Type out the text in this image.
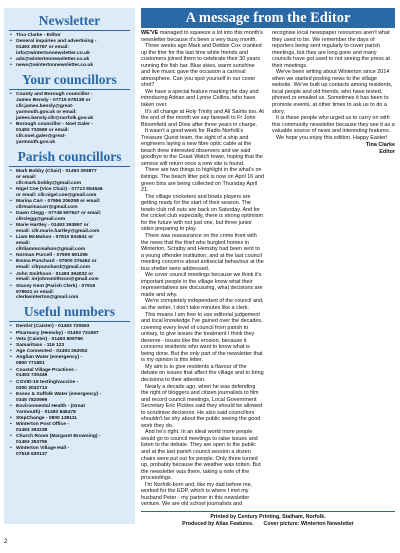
Newsletter
• Tina Clarke - Editor
• General inquiries and advertising -
01493 393767 or email:
info@wintertonnewsletter.co.uk
• ads@wintertonnewsletter.co.uk
• news@wintertonnewsletter.co.uk
Your councillors
• County and Borough councillor -
James Bensly - 07715 678138 or
cllr.james.bensly@great-
yarmouth.gov.uk or email:
james.bensly.cllr@norfolk.gov.uk
• Borough councillor - Noel Galer -
01493 732669 or email:
cllr.noel.galer@great-
yarmouth.gov.uk
Parish councillors
• Mark Bobby (Chair) - 01493 393877
or email:
cllr.mark.bobby@gmail.com
• Nigel Coe (Vice Chair) - 07713 654546
or email: cllr.nigel.coe@gmail.com
• Marina Carr - 07956 206258 or email:
cllrmarinacarr@gmail.com
• Dawn Clegg - 07748 597647 or email:
cllrclegg@gmail.com
• Marie Hartley - 01493 393897 or
email: cllr.marie.hartley@gmail.com
• Liam McMahon - 07810 834941 or
email:
cllrliammcmahon@gmail.com
• Norman Purcell - 07909 591295
• Emma Punchard - 07900 376462 or
email: cllrpunchard@gmail.com
• John Smithson - 01493 394032 or
email: mrjohnsmithson@gmail.com
• Stacey Kent (Parish Clerk) - 07918
978921 or email:
clerkwinterton@gmail.com
Useful numbers
• Dentist (Caister) - 01493 720663
• Pharmacy (Hemsby) - 01493 731697
• Vets (Caister) - 01493 809766
• Samaritans - 116 123
• Age Connected - 01493 262052
• Anglian Water (emergency) -
0800 771881
• Coastal Village Practices -
01493 730449
• COVID-19 testing/vaccine -
0300 3032713
• Essex & Suffolk Water (emergency) -
0345 7820999
• Environmental Health - (Great
Yarmouth) - 01493 846478
• StepChange - 0800 138111
• Winterton Post Office -
01493 393238
• Church Room (Margaret Browning) -
01493 393755
• Winterton Village Hall -
07518 630137
A message from the Editor

WE'VE managed to squeeze a lot into this month's newsletter because it's been a very busy month.

Three weeks ago Mark and Debbie Cox cranked up the frier for the last time while friends and customers joined them to celebrate their 30 years running the fish bar. Blue skies, warm sunshine and live music gave the occasion a carnival atmosphere. Can you spot yourself in our cover shot?

We have a special feature marking the day and introducing Adrian and Lynne Collins, who have taken over.

It's all change at Holy Trinity and All Saints too. At the end of the month we say farewell to Fr John Bloomfield and Dixie after three years in charge.

It wasn't a good week for Radio Norfolk's Treasure Quest team, the sight of a ship and engineers laying a new fibre optic cable at the beach drew interested observers and we said goodbye to the Coast Watch tower, hoping that the service will return once a new site is found.

There are two things to highlight in the what's on listings. The beach litter pick is now on April 16 and green bins are being collected on Thursday April 21.

The village cricketers and bowls players are getting ready for the start of their season. The bowls club roll outs are back on Saturday. And for the cricket club especially, there is strong optimism for the future with not just one, but three junior sides preparing to play.

There was reassurance on the crime front with the news that the thief who burgled homes in Winterton, Scratby and Hemsby had been sent to a young offender institution, and at the last council meeting concerns about antisocial behaviour at the bus shelter were addressed.

We cover council meetings because we think it's important people in the village know what their representatives are discussing, what decisions are made and why.

We're completely independent of the council and, as the writer, I don't take minutes like a clerk.

This means I am free to use editorial judgement and local knowledge I've gained over the decades, covering every level of council from parish to unitary, to give issues the treatment I think they deserve - issues like the erosion, because it concerns residents who want to know what is being done. But the only part of the newsletter that is my opinion is this letter.

My aim is to give residents a flavour of the debate on issues that affect the village and to bring decisions to their attention.

Nearly a decade ago, when he was defending the right of bloggers and citizen journalists to film and record council meetings, Local Government Secretary Eric Pickles said they should be allowed to scrutinise decisions. He also said councillors shouldn't be shy about the public seeing the good work they do.

And he's right. In an ideal world more people would go to council meetings to raise issues and listen to the debate. They are open to the public and at the last parish council session a dozen chairs were put out for people. Only three turned up, probably because the weather was rotten. But the newsletter was there, taking a note of the proceedings.

I'm Norfolk-born and, like my dad before me, worked for the EDP, which is where I met my husband Peter - my partner in this newsletter venture. We are old school journalists and recognise local newspaper resources aren't what they used to be. We remember the days of reporters being sent regularly to cover parish meetings, but they are long gone and many councils have got used to not seeing the press at their meetings.

We've been writing about Winterton since 2014 when we started posting news to the village website. We've built up contacts among residents, local people and old friends, who have texted, phoned or emailed us. Sometimes it has been to promote events, at other times to ask us to do a story.

It is these people who urged us to carry on with this community newsletter because they see it as a valuable source of news and interesting features.

We hope you enjoy this edition. Happy Easter!

Tina Clarke
Editor
Printed by Century Printing, Stalham, Norfolk.
Produced by Atlas Features. Cover picture: Winterton Newsletter
2
